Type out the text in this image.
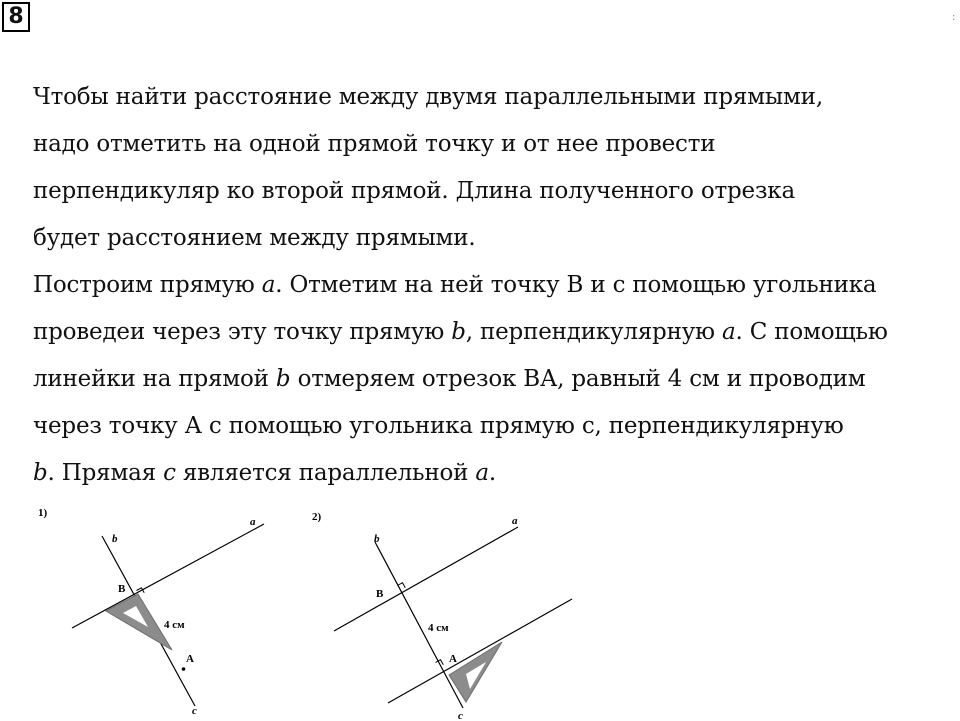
8	:

Чтобы найти расстояние между двумя параллельными прямыми,

надо отметить на одной прямой точку и от нее провести

перпендикуляр ко второй прямой. Длина полученного отрезка

будет расстоянием между прямыми.

Построим прямую a. Отметим на ней точку В и с помощью угольника

проведеи через эту точку прямую b, перпендикулярную a. С помощью

линейки на прямой b отмеряем отрезок ВА, равный 4 см и проводим

через точку А с помощью угольника прямую с, перпендикулярную

b. Прямая c является параллельной a.

1)
b
a
B
4 см
A
c
2)
b
a
B
4 см
A
c
